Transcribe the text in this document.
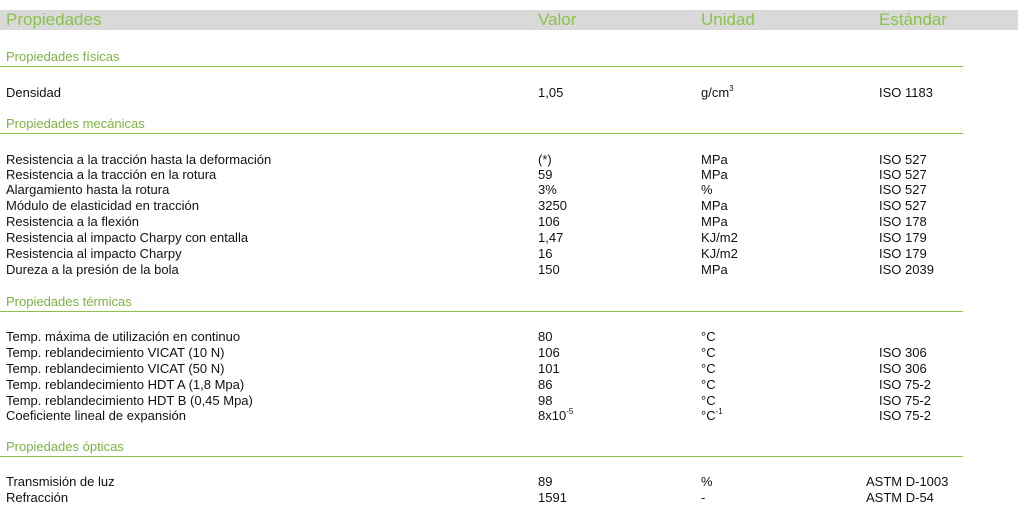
Propiedades	Valor	Unidad	Estándar
Propiedades físicas
Densidad	1,05	$g/cm^3$	ISO 1183
Propiedades mecánicas
Resistencia a la tracción hasta la deformación	(*)	MPa	ISO 527
Resistencia a la tracción en la rotura	59	MPa	ISO 527
Alargamiento hasta la rotura	3%	%	ISO 527
Módulo de elasticidad en tracción	3250	MPa	ISO 527
Resistencia a la flexión	106	MPa	ISO 178
Resistencia al impacto Charpy con entalla	1,47	KJ/m2	ISO 179
Resistencia al impacto Charpy	16	KJ/m2	ISO 179
Dureza a la presión de la bola	150	MPa	ISO 2039
Propiedades térmicas
Temp. máxima de utilización en continuo	80	°C
Temp. reblandecimiento VICAT (10 N)	106	°C	ISO 306
Temp. reblandecimiento VICAT (50 N)	101	°C	ISO 306
Temp. reblandecimiento HDT A (1,8 Mpa)	86	°C	ISO 75-2
Temp. reblandecimiento HDT B (0,45 Mpa)	98	°C	ISO 75-2
Coeficiente lineal de expansión	$8x10^{-5}$	$^\circ C^{-1}$	ISO 75-2
Propiedades ópticas
Transmisión de luz	89	%	ASTM D-1003
Refracción	1591	-	ASTM D-54
